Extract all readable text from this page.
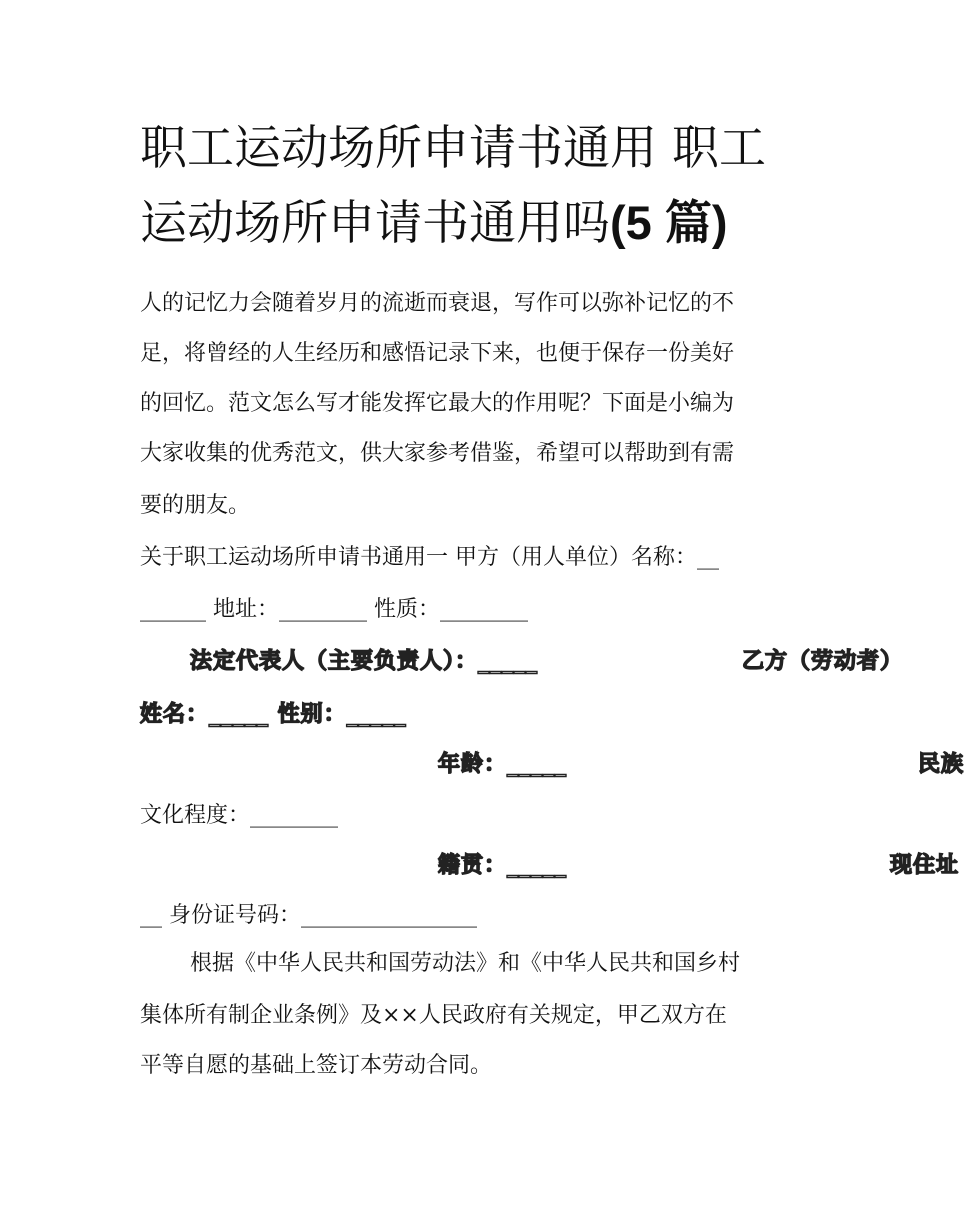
职工运动场所申请书通用 职工
运动场所申请书通用吗(5 篇)
人的记忆力会随着岁月的流逝而衰退，写作可以弥补记忆的不
足，将曾经的人生经历和感悟记录下来，也便于保存一份美好
的回忆。范文怎么写才能发挥它最大的作用呢？下面是小编为
大家收集的优秀范文，供大家参考借鉴，希望可以帮助到有需
要的朋友。
关于职工运动场所申请书通用一 甲方（用人单位）名称：__
______ 地址：________ 性质：________
法定代表人（主要负责人）：_____	乙方（劳动者）
姓名：_____ 性别：_____
年龄：_____	民族
文化程度：________
籍贯：_____	现住址
__ 身份证号码：________________
根据《中华人民共和国劳动法》和《中华人民共和国乡村
集体所有制企业条例》及××人民政府有关规定，甲乙双方在
平等自愿的基础上签订本劳动合同。
